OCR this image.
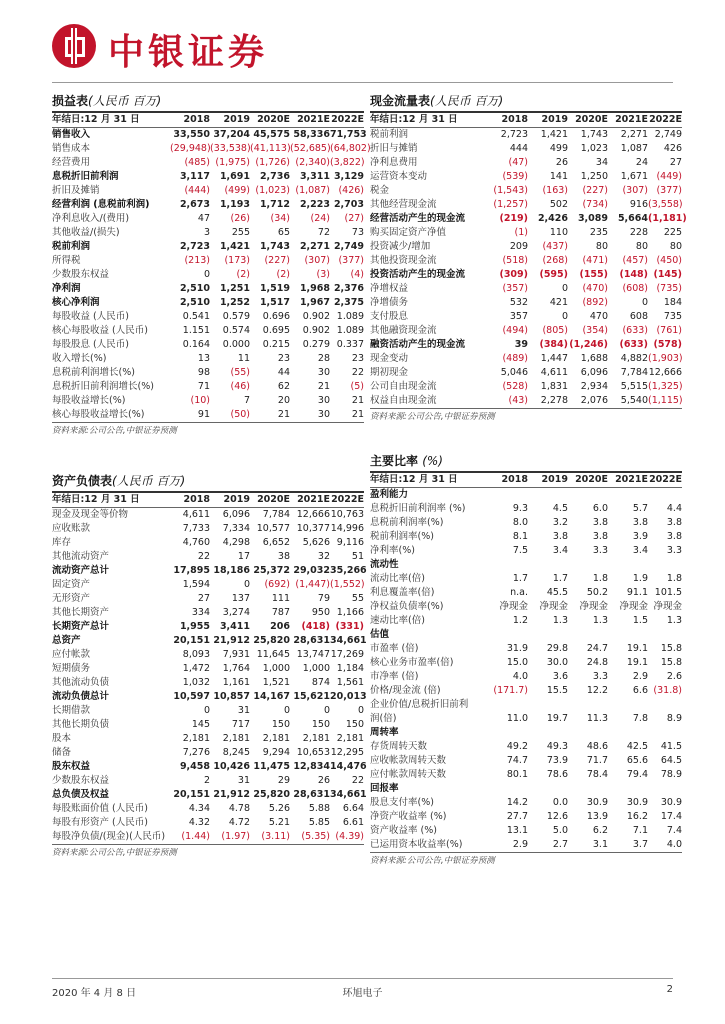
中银证券
损益表(人民币 百万)
年结日:12 月 31 日	2018	2019	2020E	2021E	2022E
销售收入	33,550	37,204	45,575	58,336	71,753
销售成本	(29,948)	(33,538)	(41,113)	(52,685)	(64,802)
经营费用	(485)	(1,975)	(1,726)	(2,340)	(3,822)
息税折旧前利润	3,117	1,691	2,736	3,311	3,129
折旧及摊销	(444)	(499)	(1,023)	(1,087)	(426)
经营利润 (息税前利润)	2,673	1,193	1,712	2,223	2,703
净利息收入/(费用)	47	(26)	(34)	(24)	(27)
其他收益/(损失)	3	255	65	72	73
税前利润	2,723	1,421	1,743	2,271	2,749
所得税	(213)	(173)	(227)	(307)	(377)
少数股东权益	0	(2)	(2)	(3)	(4)
净利润	2,510	1,251	1,519	1,968	2,376
核心净利润	2,510	1,252	1,517	1,967	2,375
每股收益 (人民币)	0.541	0.579	0.696	0.902	1.089
核心每股收益 (人民币)	1.151	0.574	0.695	0.902	1.089
每股股息 (人民币)	0.164	0.000	0.215	0.279	0.337
收入增长(%)	13	11	23	28	23
息税前利润增长(%)	98	(55)	44	30	22
息税折旧前利润增长(%)	71	(46)	62	21	(5)
每股收益增长(%)	(10)	7	20	30	21
核心每股收益增长(%)	91	(50)	21	30	21
资料来源:公司公告,中银证券预测
资产负债表(人民币 百万)
年结日:12 月 31 日	2018	2019	2020E	2021E	2022E
现金及现金等价物	4,611	6,096	7,784	12,666	10,763
应收账款	7,733	7,334	10,577	10,377	14,996
库存	4,760	4,298	6,652	5,626	9,116
其他流动资产	22	17	38	32	51
流动资产总计	17,895	18,186	25,372	29,032	35,266
固定资产	1,594	0	(692)	(1,447)	(1,552)
无形资产	27	137	111	79	55
其他长期资产	334	3,274	787	950	1,166
长期资产总计	1,955	3,411	206	(418)	(331)
总资产	20,151	21,912	25,820	28,631	34,661
应付帐款	8,093	7,931	11,645	13,747	17,269
短期债务	1,472	1,764	1,000	1,000	1,184
其他流动负债	1,032	1,161	1,521	874	1,561
流动负债总计	10,597	10,857	14,167	15,621	20,013
长期借款	0	31	0	0	0
其他长期负债	145	717	150	150	150
股本	2,181	2,181	2,181	2,181	2,181
储备	7,276	8,245	9,294	10,653	12,295
股东权益	9,458	10,426	11,475	12,834	14,476
少数股东权益	2	31	29	26	22
总负债及权益	20,151	21,912	25,820	28,631	34,661
每股账面价值 (人民币)	4.34	4.78	5.26	5.88	6.64
每股有形资产 (人民币)	4.32	4.72	5.21	5.85	6.61
每股净负债/(现金)(人民币)	(1.44)	(1.97)	(3.11)	(5.35)	(4.39)
资料来源:公司公告,中银证券预测
现金流量表(人民币 百万)
年结日:12 月 31 日	2018	2019	2020E	2021E	2022E
税前利润	2,723	1,421	1,743	2,271	2,749
折旧与摊销	444	499	1,023	1,087	426
净利息费用	(47)	26	34	24	27
运营资本变动	(539)	141	1,250	1,671	(449)
税金	(1,543)	(163)	(227)	(307)	(377)
其他经营现金流	(1,257)	502	(734)	916	(3,558)
经营活动产生的现金流	(219)	2,426	3,089	5,664	(1,181)
购买固定资产净值	(1)	110	235	228	225
投资减少/增加	209	(437)	80	80	80
其他投资现金流	(518)	(268)	(471)	(457)	(450)
投资活动产生的现金流	(309)	(595)	(155)	(148)	(145)
净增权益	(357)	0	(470)	(608)	(735)
净增债务	532	421	(892)	0	184
支付股息	357	0	470	608	735
其他融资现金流	(494)	(805)	(354)	(633)	(761)
融资活动产生的现金流	39	(384)	(1,246)	(633)	(578)
现金变动	(489)	1,447	1,688	4,882	(1,903)
期初现金	5,046	4,611	6,096	7,784	12,666
公司自由现金流	(528)	1,831	2,934	5,515	(1,325)
权益自由现金流	(43)	2,278	2,076	5,540	(1,115)
资料来源:公司公告,中银证券预测
主要比率 (%)
年结日:12 月 31 日	2018	2019	2020E	2021E	2022E
盈利能力					
息税折旧前利润率 (%)	9.3	4.5	6.0	5.7	4.4
息税前利润率(%)	8.0	3.2	3.8	3.8	3.8
税前利润率(%)	8.1	3.8	3.8	3.9	3.8
净利率(%)	7.5	3.4	3.3	3.4	3.3
流动性					
流动比率(倍)	1.7	1.7	1.8	1.9	1.8
利息覆盖率(倍)	n.a.	45.5	50.2	91.1	101.5
净权益负债率(%)	净现金	净现金	净现金	净现金	净现金
速动比率(倍)	1.2	1.3	1.3	1.5	1.3
估值					
市盈率 (倍)	31.9	29.8	24.7	19.1	15.8
核心业务市盈率(倍)	15.0	30.0	24.8	19.1	15.8
市净率 (倍)	4.0	3.6	3.3	2.9	2.6
价格/现金流 (倍)	(171.7)	15.5	12.2	6.6	(31.8)
企业价值/息税折旧前利					
润(倍)	11.0	19.7	11.3	7.8	8.9
周转率					
存货周转天数	49.2	49.3	48.6	42.5	41.5
应收帐款周转天数	74.7	73.9	71.7	65.6	64.5
应付帐款周转天数	80.1	78.6	78.4	79.4	78.9
回报率					
股息支付率(%)	14.2	0.0	30.9	30.9	30.9
净资产收益率 (%)	27.7	12.6	13.9	16.2	17.4
资产收益率 (%)	13.1	5.0	6.2	7.1	7.4
已运用资本收益率(%)	2.9	2.7	3.1	3.7	4.0
资料来源:公司公告,中银证券预测
2020 年 4 月 8 日	环旭电子	2
